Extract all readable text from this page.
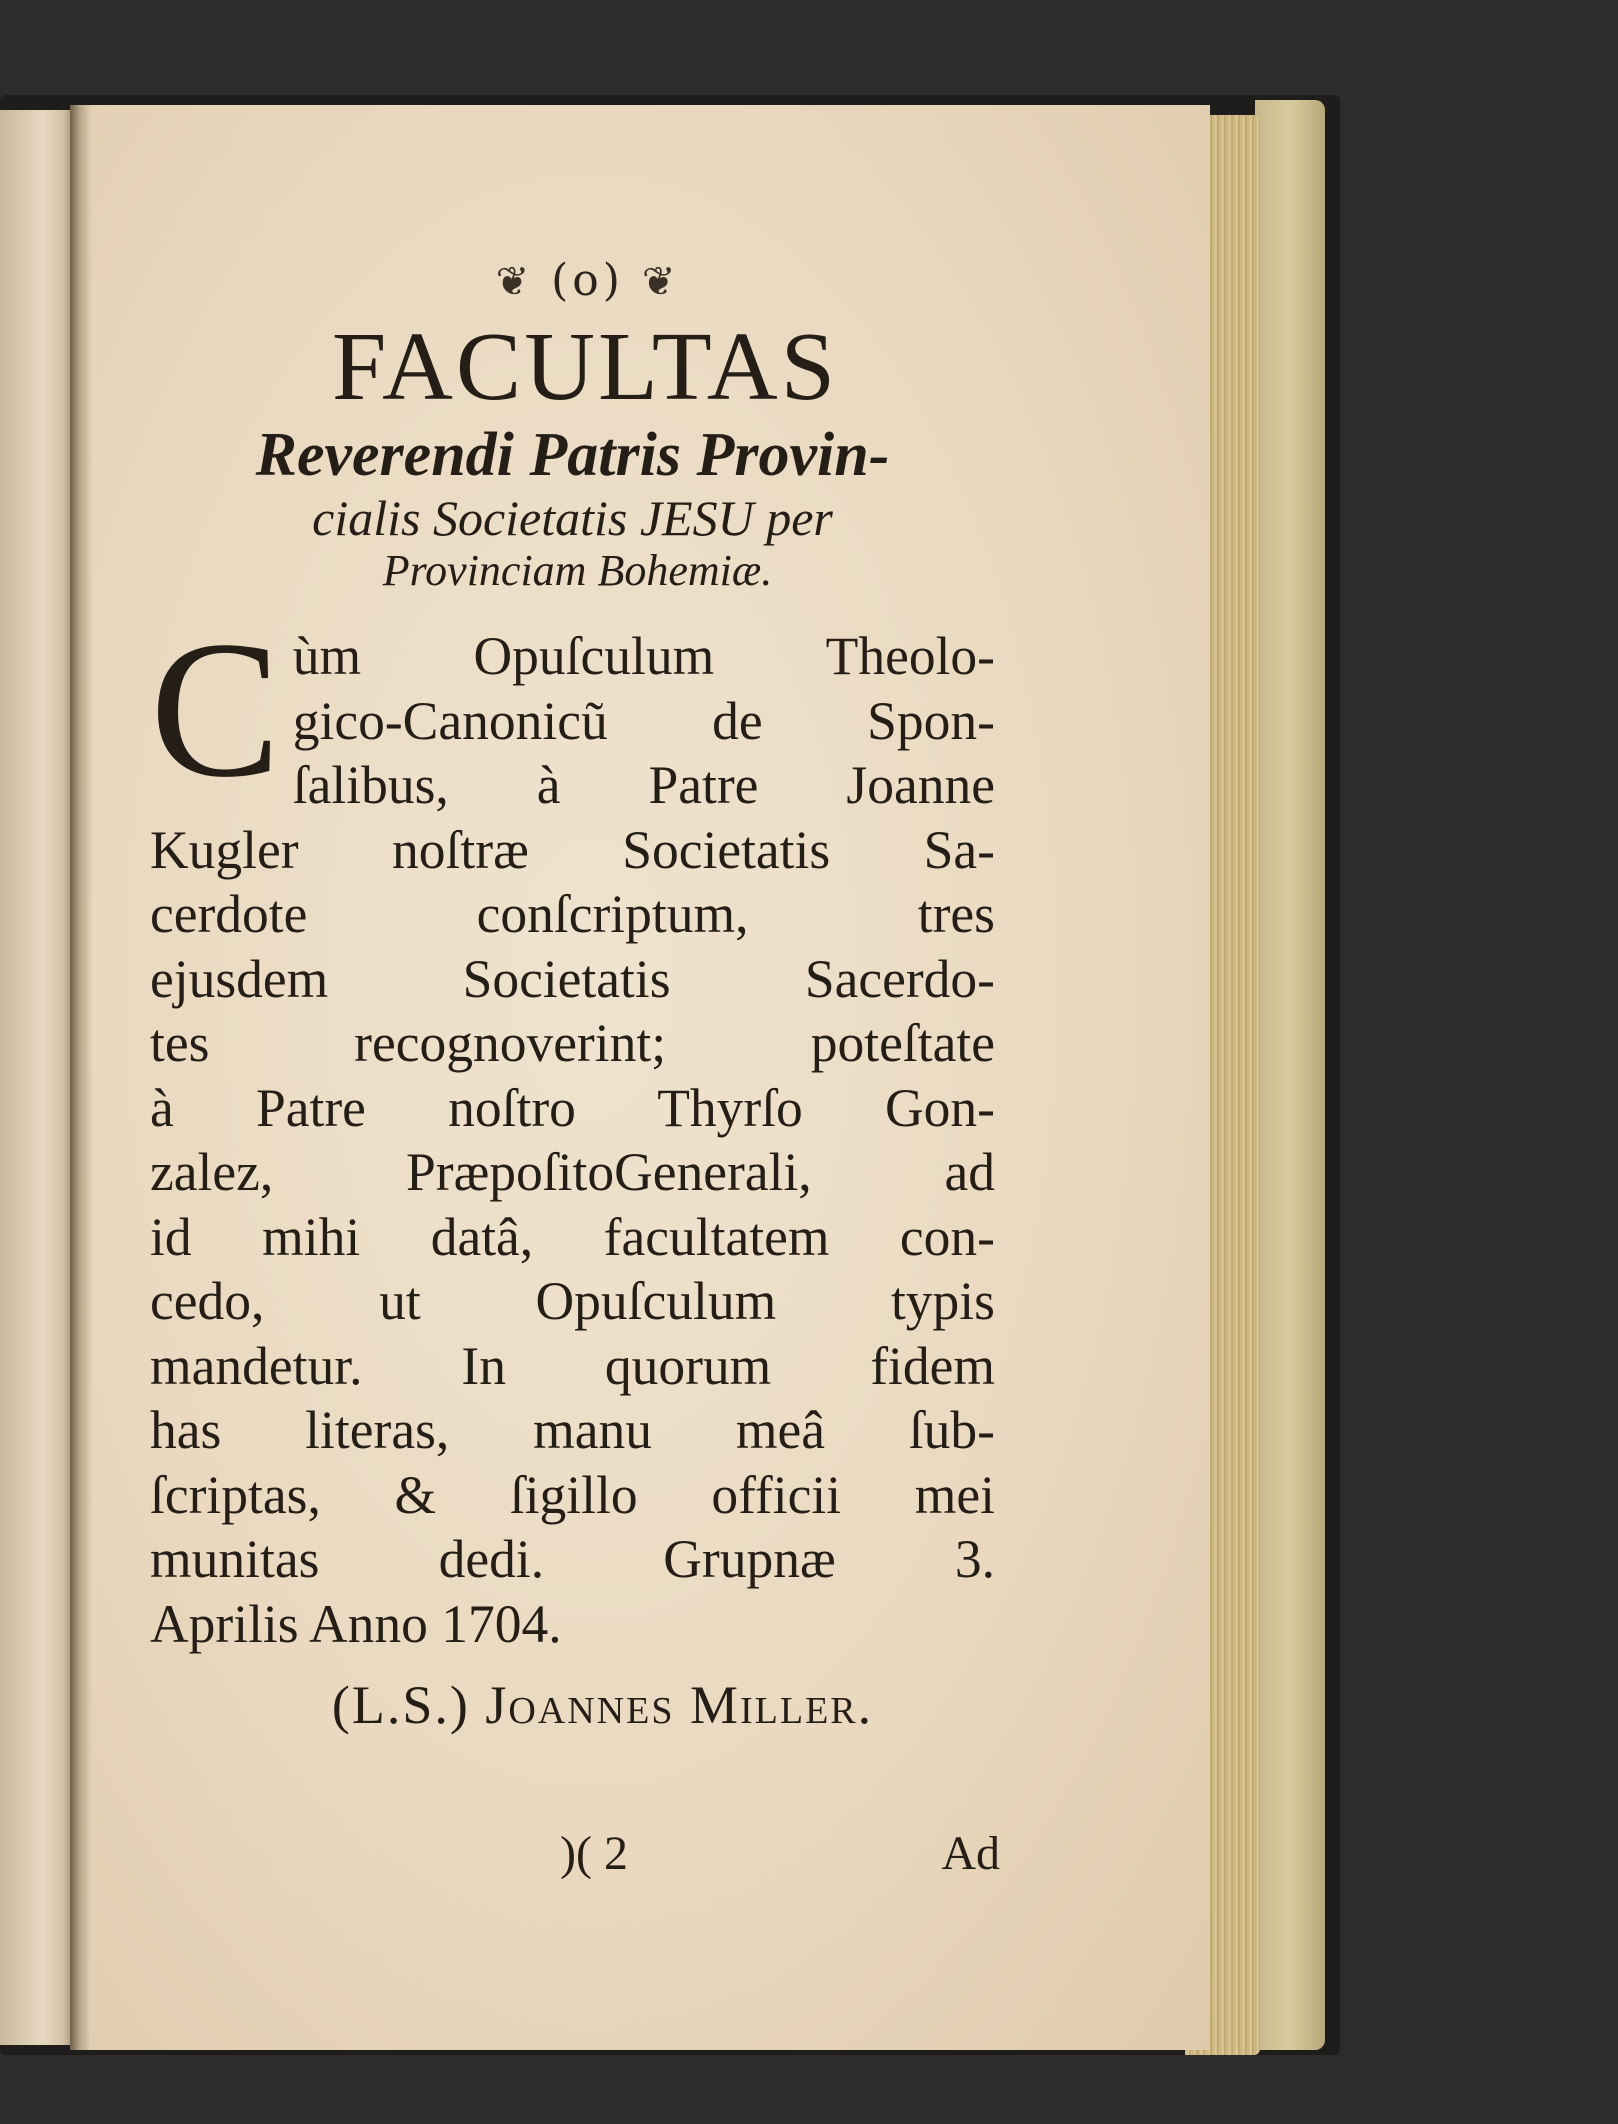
❦ (o) ❦
FACULTAS
Reverendi Patris Provin-
cialis Societatis JESU per
Provinciam Bohemiæ.
C ùm Opuſculum Theolo-
gico-Canonicũ de Spon-
ſalibus, à Patre Joanne
Kugler noſtræ Societatis Sa-
cerdote conſcriptum, tres
ejusdem Societatis Sacerdo-
tes recognoverint; poteſtate
à Patre noſtro Thyrſo Gon-
zalez, PræpoſitoGenerali, ad
id mihi datâ, facultatem con-
cedo, ut Opuſculum typis
mandetur. In quorum fidem
has literas, manu meâ ſub-
ſcriptas, & ſigillo officii mei
munitas dedi. Grupnæ 3.
Aprilis Anno 1704.
(L.S.) Joannes Miller.
)( 2	Ad
